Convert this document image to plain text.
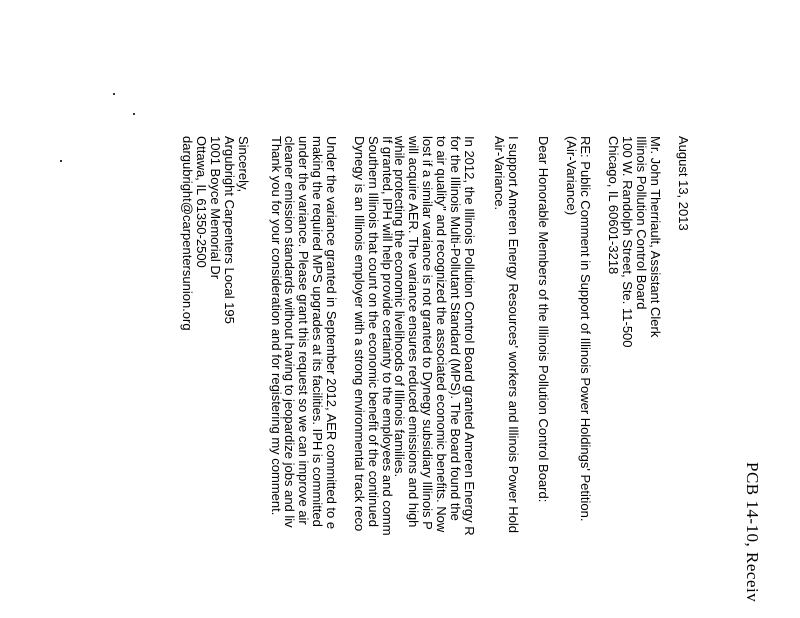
PCB 14-10, Receiv
August 13, 2013
Mr. John Therriault, Assistant Clerk
Illinois Pollution Control Board
100 W. Randolph Street, Ste. 11-500
Chicago, IL 60601-3218
RE: Public Comment in Support of Illinois Power Holdings' Petition.
(Air-Variance)
Dear Honorable Members of the Illinois Pollution Control Board:
I support Ameren Energy Resources' workers and Illinois Power Hold
Air-Variance.
In 2012, the Illinois Pollution Control Board granted Ameren Energy R
for the Illinois Multi-Pollutant Standard (MPS). The Board found the
to air quality" and recognized the associated economic benefits. Now
lost if a similar variance is not granted to Dynegy subsidiary Illinois P
will acquire AER. The variance ensures reduced emissions and high
while protecting the economic livelihoods of Illinois families.
If granted, IPH will help provide certainty to the employees and comm
Southern Illinois that count on the economic benefit of the continued
Dynegy is an Illinois employer with a strong environmental track reco
Under the variance granted in September 2012, AER committed to e
making the required MPS upgrades at its facilities. IPH is committed
under the variance. Please grant this request so we can improve air
cleaner emission standards without having to jeopardize jobs and liv
Thank you for your consideration and for registering my comment.
Sincerely,
Argubright Carpenters Local 195
1001 Boyce Memorial Dr
Ottawa, IL 61350-2500
dargubright@carpentersunion.org
